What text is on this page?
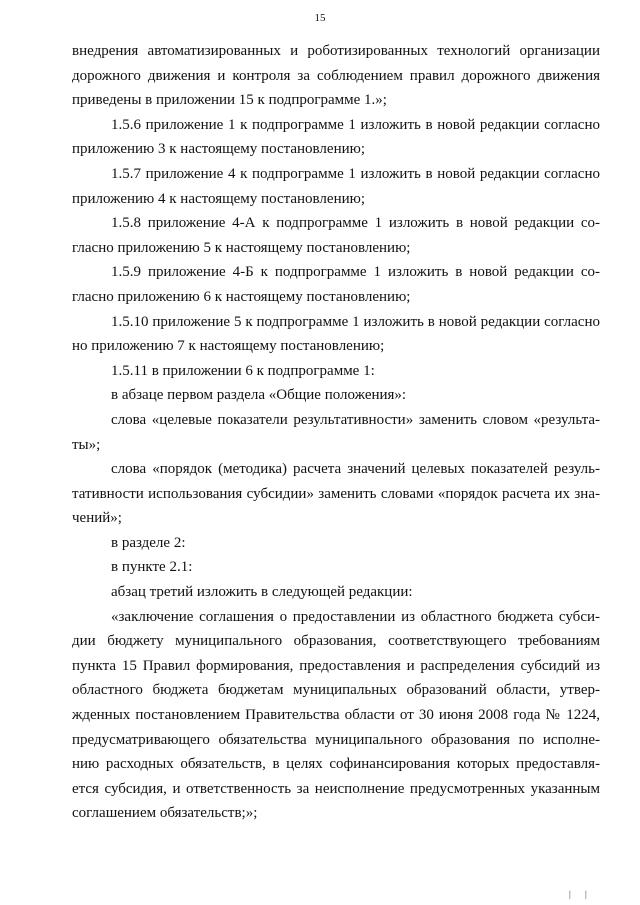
15
внедрения автоматизированных и роботизированных технологий организации
дорожного движения и контроля за соблюдением правил дорожного движения
приведены в приложении 15 к подпрограмме 1.»;
1.5.6 приложение 1 к подпрограмме 1 изложить в новой редакции согласно
приложению 3 к настоящему постановлению;
1.5.7 приложение 4 к подпрограмме 1 изложить в новой редакции согласно
приложению 4 к настоящему постановлению;
1.5.8 приложение 4-А к подпрограмме 1 изложить в новой редакции со-
гласно приложению 5 к настоящему постановлению;
1.5.9 приложение 4-Б к подпрограмме 1 изложить в новой редакции со-
гласно приложению 6 к настоящему постановлению;
1.5.10 приложение 5 к подпрограмме 1 изложить в новой редакции согласно
но приложению 7 к настоящему постановлению;
1.5.11 в приложении 6 к подпрограмме 1:
в абзаце первом раздела «Общие положения»:
слова «целевые показатели результативности» заменить словом «результа-
ты»;
слова «порядок (методика) расчета значений целевых показателей резуль-
тативности использования субсидии» заменить словами «порядок расчета их зна-
чений»;
в разделе 2:
в пункте 2.1:
абзац третий изложить в следующей редакции:
«заключение соглашения о предоставлении из областного бюджета субси-
дии бюджету муниципального образования, соответствующего требованиям
пункта 15 Правил формирования, предоставления и распределения субсидий из
областного бюджета бюджетам муниципальных образований области, утвер-
жденных постановлением Правительства области от 30 июня 2008 года № 1224,
предусматривающего обязательства муниципального образования по исполне-
нию расходных обязательств, в целях софинансирования которых предоставля-
ется субсидия, и ответственность за неисполнение предусмотренных указанным
соглашением обязательств;»;
| |
